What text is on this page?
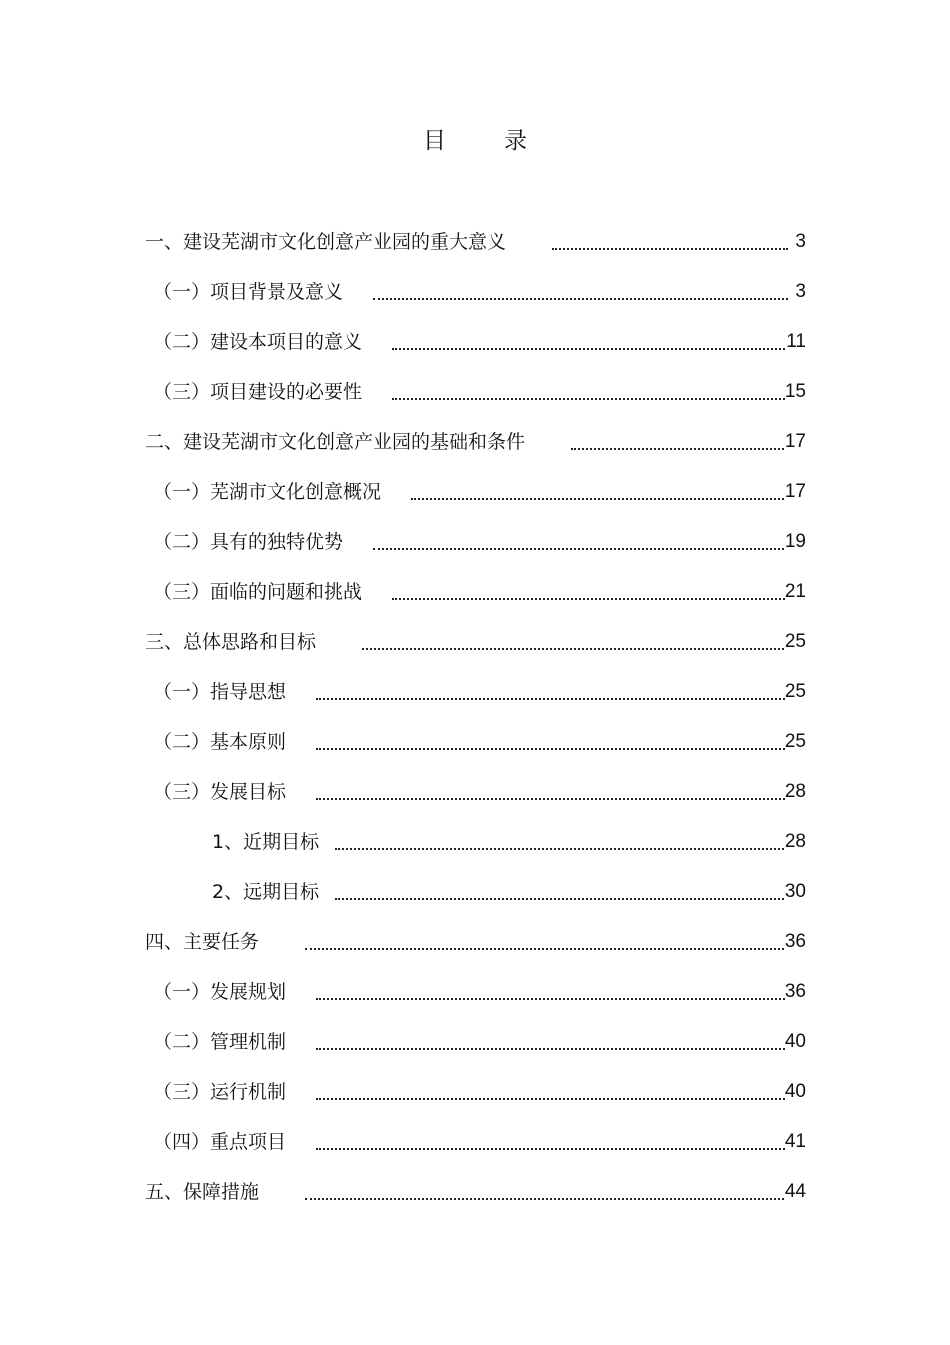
目	录
一、建设芜湖市文化创意产业园的重大意义	3
（一）项目背景及意义	3
（二）建设本项目的意义	11
（三）项目建设的必要性	15
二、建设芜湖市文化创意产业园的基础和条件	17
（一）芜湖市文化创意概况	17
（二）具有的独特优势	19
（三）面临的问题和挑战	21
三、总体思路和目标	25
（一）指导思想	25
（二）基本原则	25
（三）发展目标	28
1、近期目标	28
2、远期目标	30
四、主要任务	36
（一）发展规划	36
（二）管理机制	40
（三）运行机制	40
（四）重点项目	41
五、保障措施	44
